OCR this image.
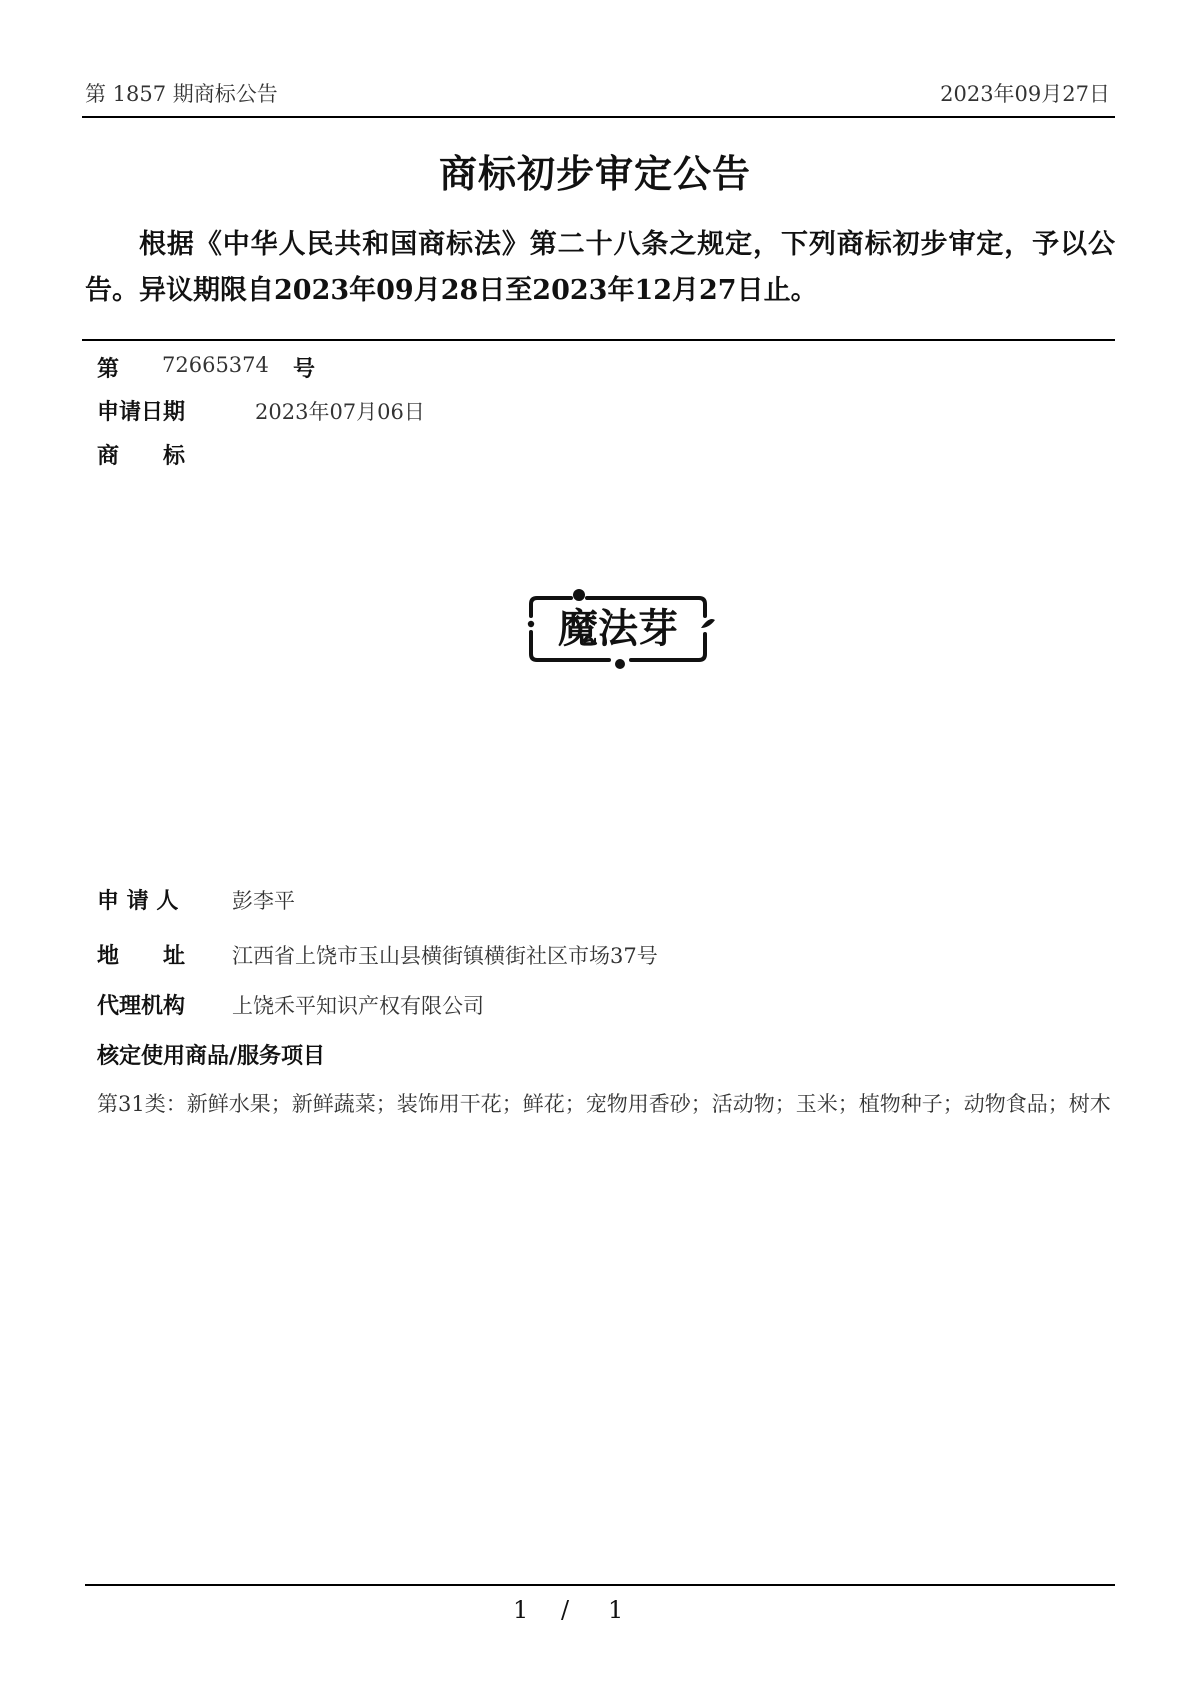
第 1857 期商标公告	2023年09月27日
商标初步审定公告
根据《中华人民共和国商标法》第二十八条之规定，下列商标初步审定，予以公告。异议期限自2023年09月28日至2023年12月27日止。
第 72665374 号
申请日期	2023年07月06日
商　　标
魔法芽
申 请 人	彭李平
地　　址 江西省上饶市玉山县横街镇横街社区市场37号
代理机构 上饶禾平知识产权有限公司
核定使用商品/服务项目
第31类：新鲜水果；新鲜蔬菜；装饰用干花；鲜花；宠物用香砂；活动物；玉米；植物种子；动物食品；树木
1 / 1
